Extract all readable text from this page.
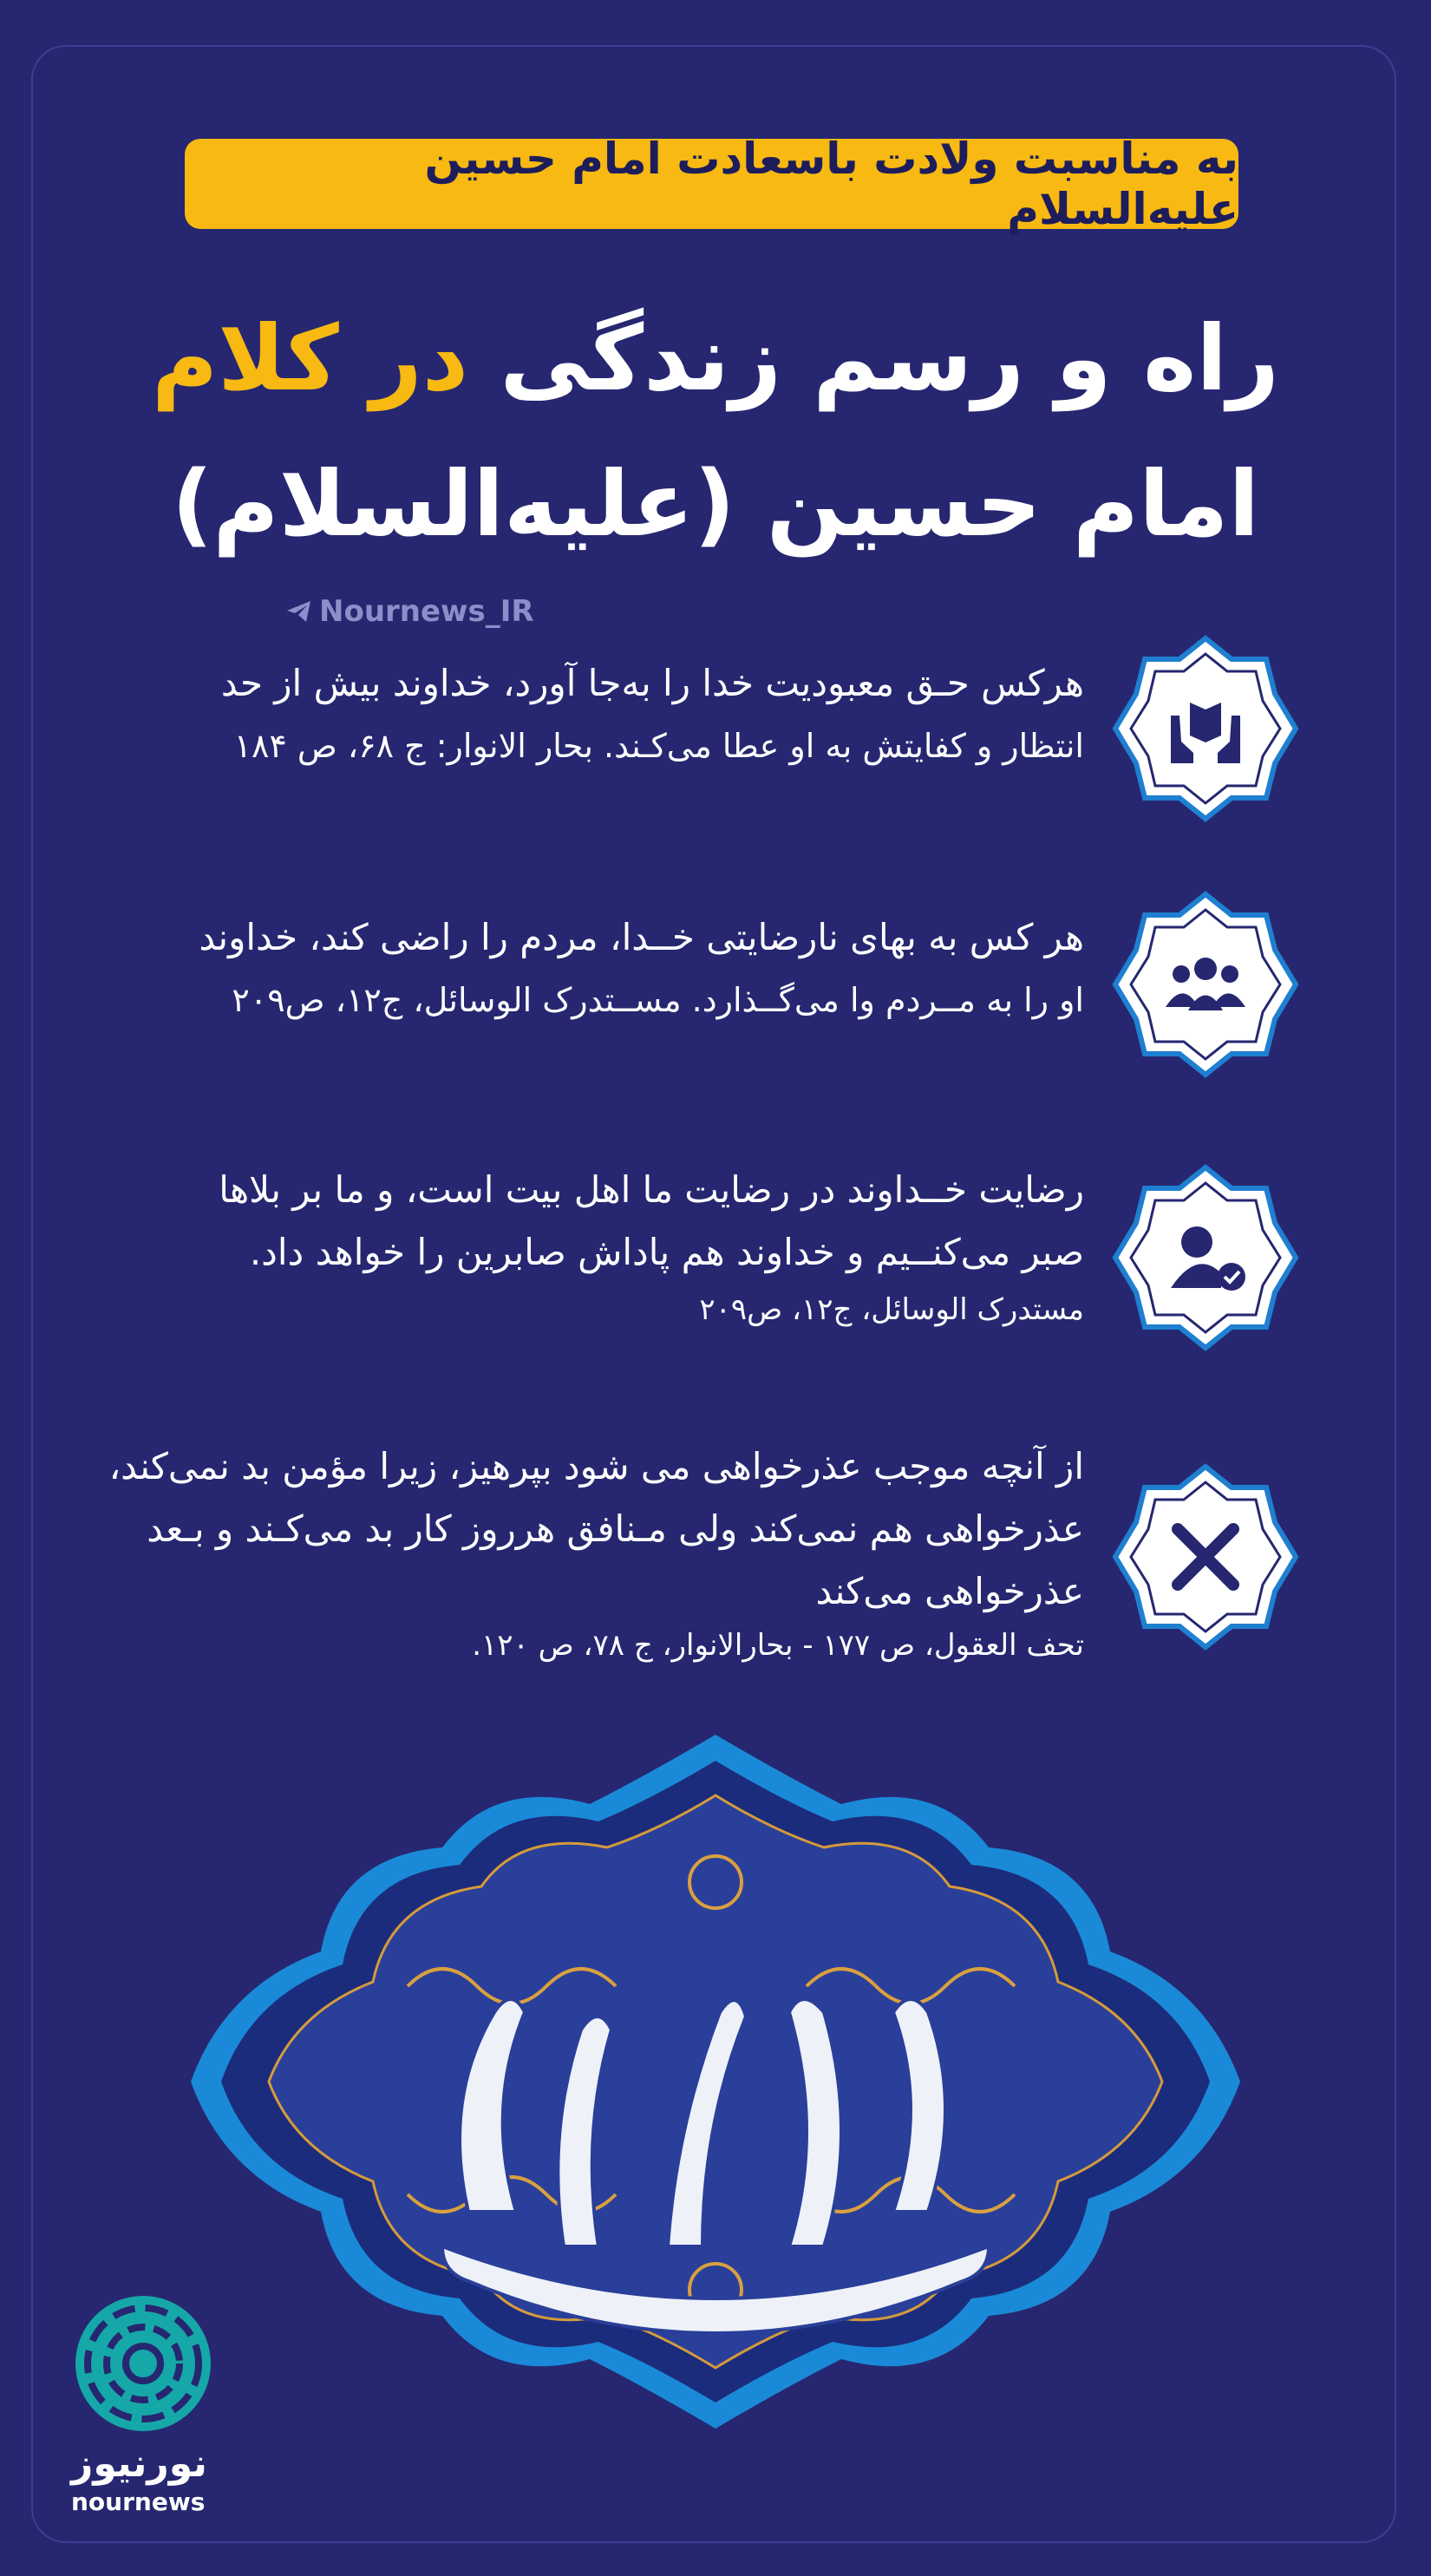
به مناسبت ولادت باسعادت امام حسین علیه‌السلام
راه و رسم زندگی در کلام
امام حسین (علیه‌السلام)
Nournews_IR
هرکس حـق معبودیت خدا را به‌جا آورد، خداوند بیش از حد
انتظار و کفایتش به او عطا می‌کـند. بحار الانوار: ج ۶۸، ص ۱۸۴
هر کس به بهای نارضایتی خــدا، مردم را راضی کند، خداوند
او را به مــردم وا می‌گــذارد. مســتدرک الوسائل، ج۱۲، ص۲۰۹
رضایت خــداوند در رضایت ما اهل بیت است، و ما بر بلاها
صبر می‌کنــیم و خداوند هم پاداش صابرین را خواهد داد.
مستدرک الوسائل، ج۱۲، ص۲۰۹
از آنچه موجب عذرخواهی می شود بپرهیز، زیرا مؤمن بد نمی‌کند،
عذرخواهی هم نمی‌کند ولی مـنافق هرروز کار بد می‌کـند و بـعد
عذرخواهی می‌کند
تحف العقول، ص ۱۷۷ - بحارالانوار، ج ۷۸، ص ۱۲۰.
نورنیوز
nournews
